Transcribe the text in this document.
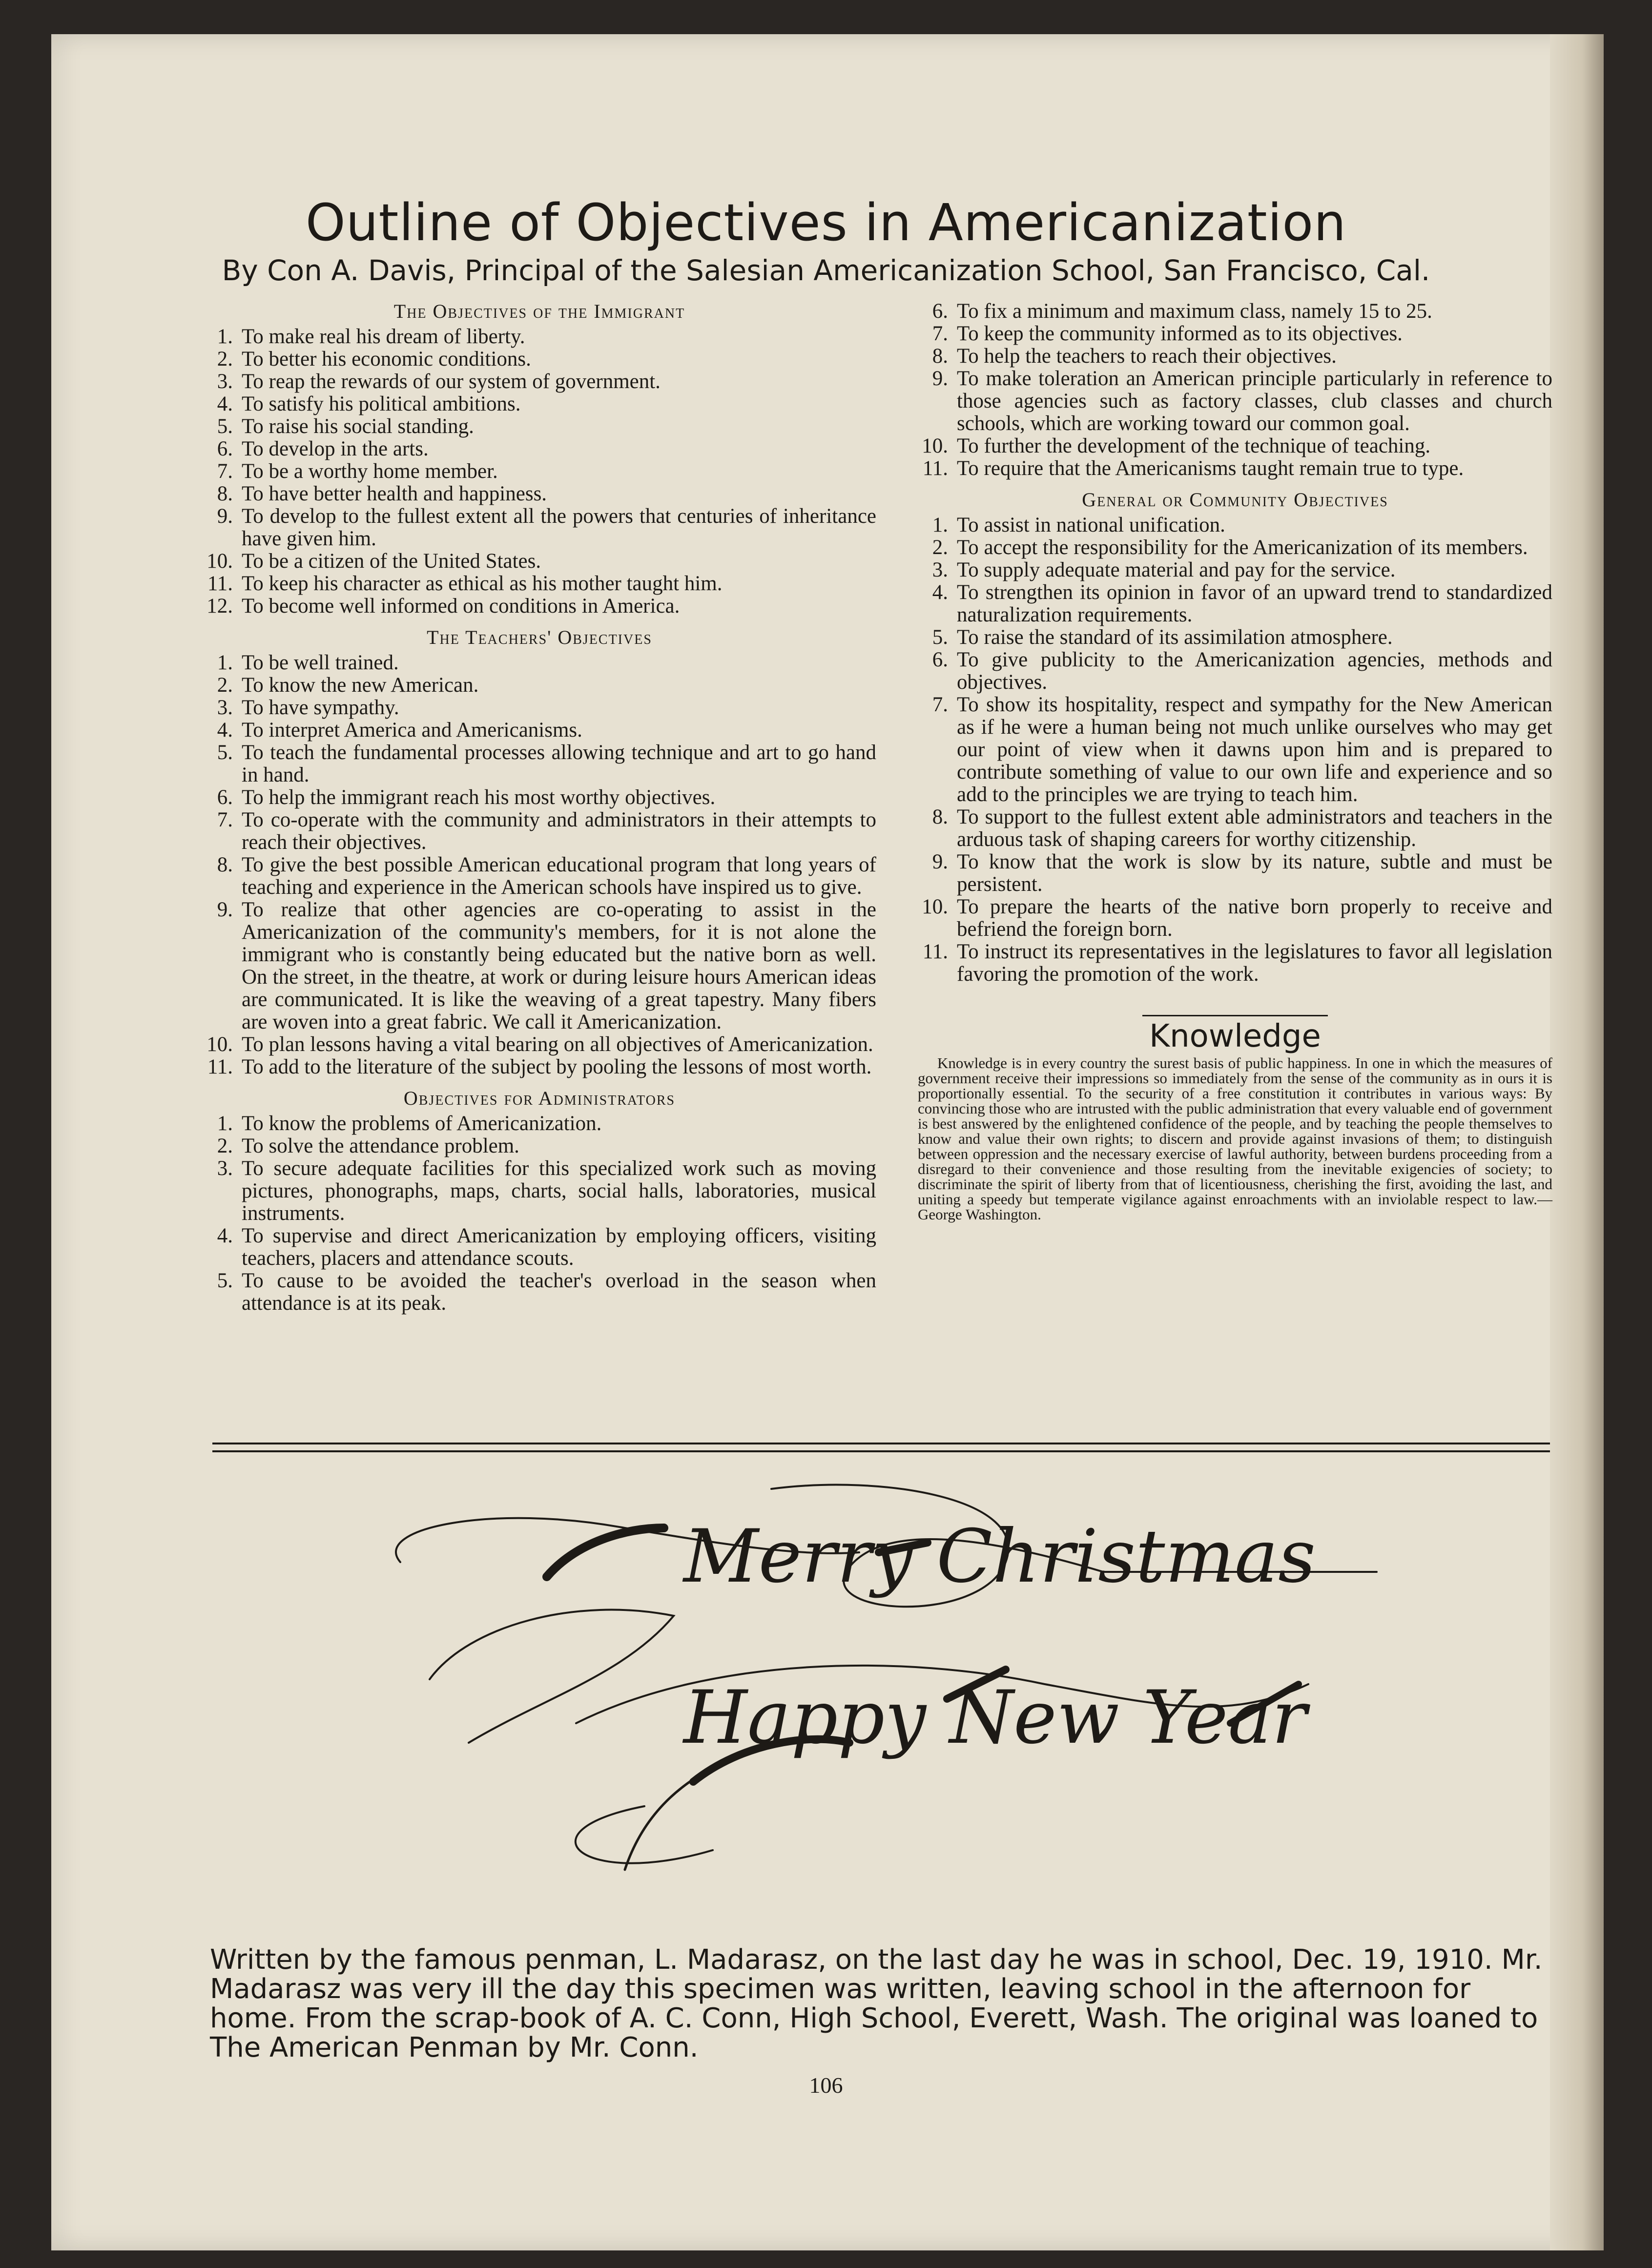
Outline of Objectives in Americanization
By Con A. Davis, Principal of the Salesian Americanization School, San Francisco, Cal.
The Objectives of the Immigrant
1. To make real his dream of liberty.
2. To better his economic conditions.
3. To reap the rewards of our system of government.
4. To satisfy his political ambitions.
5. To raise his social standing.
6. To develop in the arts.
7. To be a worthy home member.
8. To have better health and happiness.
9. To develop to the fullest extent all the powers that centuries of inheritance have given him.
10. To be a citizen of the United States.
11. To keep his character as ethical as his mother taught him.
12. To become well informed on conditions in America.
The Teachers' Objectives
1. To be well trained.
2. To know the new American.
3. To have sympathy.
4. To interpret America and Americanisms.
5. To teach the fundamental processes allowing technique and art to go hand in hand.
6. To help the immigrant reach his most worthy objectives.
7. To co-operate with the community and administrators in their attempts to reach their objectives.
8. To give the best possible American educational program that long years of teaching and experience in the American schools have inspired us to give.
9. To realize that other agencies are co-operating to assist in the Americanization of the community's members, for it is not alone the immigrant who is constantly being educated but the native born as well. On the street, in the theatre, at work or during leisure hours American ideas are communicated. It is like the weaving of a great tapestry. Many fibers are woven into a great fabric. We call it Americanization.
10. To plan lessons having a vital bearing on all objectives of Americanization.
11. To add to the literature of the subject by pooling the lessons of most worth.
Objectives for Administrators
1. To know the problems of Americanization.
2. To solve the attendance problem.
3. To secure adequate facilities for this specialized work such as moving pictures, phonographs, maps, charts, social halls, laboratories, musical instruments.
4. To supervise and direct Americanization by employing officers, visiting teachers, placers and attendance scouts.
5. To cause to be avoided the teacher's overload in the season when attendance is at its peak.
6. To fix a minimum and maximum class, namely 15 to 25.
7. To keep the community informed as to its objectives.
8. To help the teachers to reach their objectives.
9. To make toleration an American principle particularly in reference to those agencies such as factory classes, club classes and church schools, which are working toward our common goal.
10. To further the development of the technique of teaching.
11. To require that the Americanisms taught remain true to type.
General or Community Objectives
1. To assist in national unification.
2. To accept the responsibility for the Americanization of its members.
3. To supply adequate material and pay for the service.
4. To strengthen its opinion in favor of an upward trend to standardized naturalization requirements.
5. To raise the standard of its assimilation atmosphere.
6. To give publicity to the Americanization agencies, methods and objectives.
7. To show its hospitality, respect and sympathy for the New American as if he were a human being not much unlike ourselves who may get our point of view when it dawns upon him and is prepared to contribute something of value to our own life and experience and so add to the principles we are trying to teach him.
8. To support to the fullest extent able administrators and teachers in the arduous task of shaping careers for worthy citizenship.
9. To know that the work is slow by its nature, subtle and must be persistent.
10. To prepare the hearts of the native born properly to receive and befriend the foreign born.
11. To instruct its representatives in the legislatures to favor all legislation favoring the promotion of the work.
Knowledge
Knowledge is in every country the surest basis of public happiness. In one in which the measures of government receive their impressions so immediately from the sense of the community as in ours it is proportionally essential. To the security of a free constitution it contributes in various ways: By convincing those who are intrusted with the public administration that every valuable end of government is best answered by the enlightened confidence of the people, and by teaching the people themselves to know and value their own rights; to discern and provide against invasions of them; to distinguish between oppression and the necessary exercise of lawful authority, between burdens proceeding from a disregard to their convenience and those resulting from the inevitable exigencies of society; to discriminate the spirit of liberty from that of licentiousness, cherishing the first, avoiding the last, and uniting a speedy but temperate vigilance against enroachments with an inviolable respect to law.—George Washington.
Merry Christmas
Happy New Year
Written by the famous penman, L. Madarasz, on the last day he was in school, Dec. 19, 1910. Mr. Madarasz was very ill the day this specimen was written, leaving school in the afternoon for home. From the scrap-book of A. C. Conn, High School, Everett, Wash. The original was loaned to The American Penman by Mr. Conn.
106
